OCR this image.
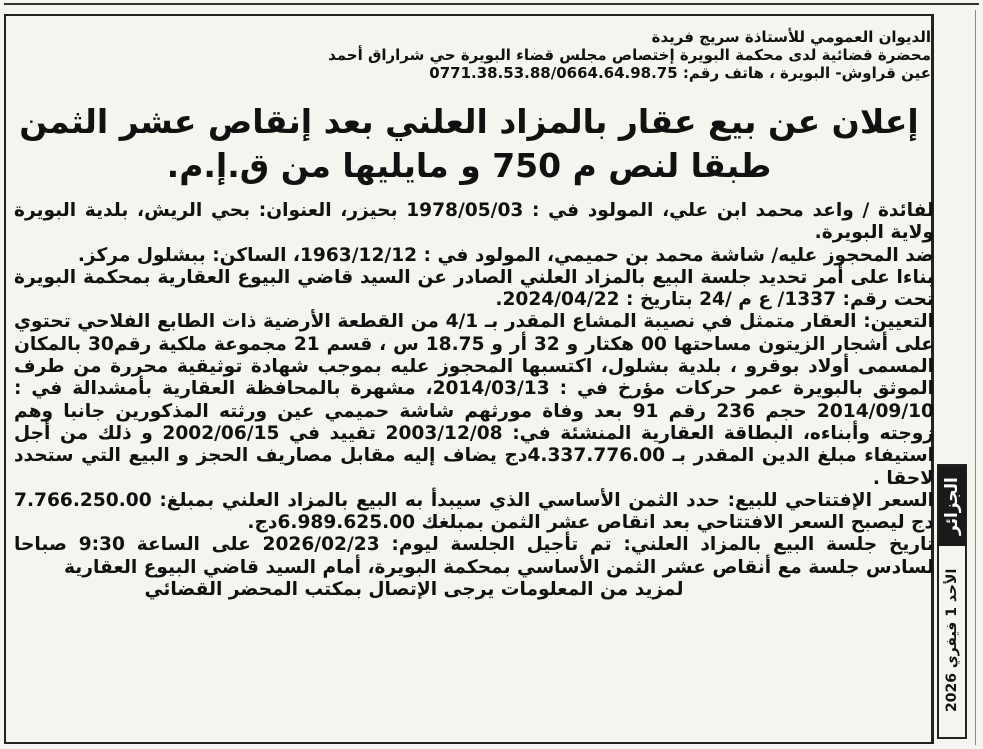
الديوان العمومي للأستاذة سريج فريدة
محضرة قضائية لدى محكمة البويرة إختصاص مجلس قضاء البويرة حي شراراق أحمد
عين قراوش- البويرة ، هاتف رقم: 0771.38.53.88/0664.64.98.75
إعلان عن بيع عقار بالمزاد العلني بعد إنقاص عشر الثمن طبقا لنص م 750 و مايليها من ق.إ.م.

لفائدة / واعد محمد ابن علي، المولود في : 1978/05/03 بحيزر، العنوان: بحي الريش، بلدية البويرة ولاية البويرة.

ضد المحجوز عليه/ شاشة محمد بن حميمي، المولود في : 1963/12/12، الساكن: ببشلول مركز.

بناءا على أمر تحديد جلسة البيع بالمزاد العلني الصادر عن السيد قاضي البيوع العقارية بمحكمة البويرة تحت رقم: 1337/ ع م /24 بتاريخ : 2024/04/22.

التعيين: العقار متمثل في نصيبة المشاع المقدر بـ 4/1 من القطعة الأرضية ذات الطابع الفلاحي تحتوي على أشجار الزيتون مساحتها 00 هكتار و 32 أر و 18.75 س ، قسم 21 مجموعة ملكية رقم30 بالمكان المسمى أولاد بوقرو ، بلدية بشلول، اكتسبها المحجوز عليه بموجب شهادة توثيقية محررة من طرف الموثق بالبويرة عمر حركات مؤرخ في : 2014/03/13، مشهرة بالمحافظة العقارية بأمشدالة في : 2014/09/10 حجم 236 رقم 91 بعد وفاة مورثهم شاشة حميمي عين ورثته المذكورين جانبا وهم زوجته وأبناءه، البطاقة العقارية المنشئة في: 2003/12/08 تقييد في 2002/06/15 و ذلك من أجل استيفاء مبلغ الدين المقدر بـ 4.337.776.00دج يضاف إليه مقابل مصاريف الحجز و البيع التي ستحدد لاحقا .

السعر الإفتتاحي للبيع: حدد الثمن الأساسي الذي سيبدأ به البيع بالمزاد العلني بمبلغ: 7.766.250.00 دج ليصبح السعر الافتتاحي بعد انقاص عشر الثمن بمبلغك 6.989.625.00دج.

تاريخ جلسة البيع بالمزاد العلني: تم تأجيل الجلسة ليوم: 2026/02/23 على الساعة 9:30 صباحا لسادس جلسة مع أنقاص عشر الثمن الأساسي بمحكمة البويرة، أمام السيد قاضي البيوع العقارية

لمزيد من المعلومات يرجى الإتصال بمكتب المحضر القضائي

الجزائر
الأحد 1 فيفري 2026
